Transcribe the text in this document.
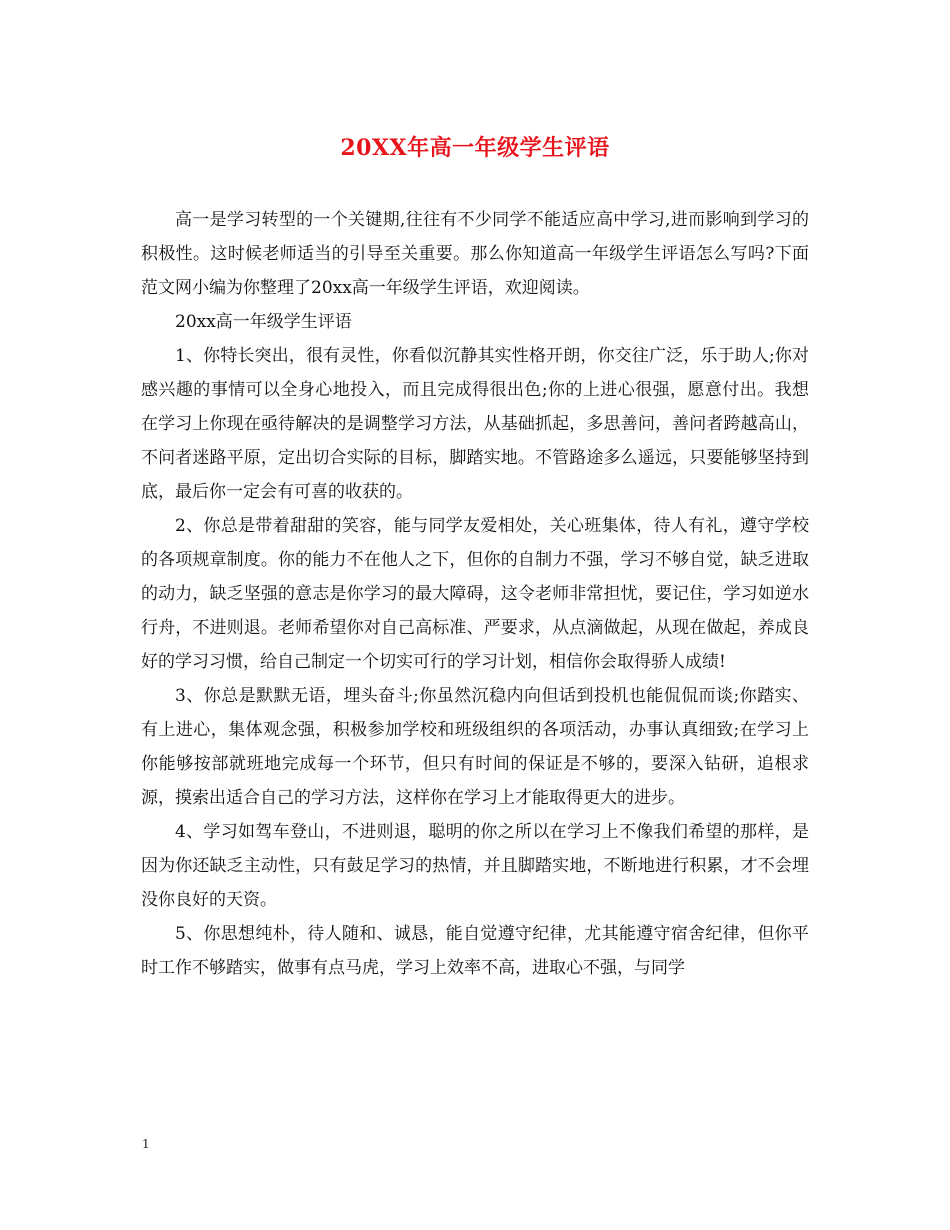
20XX年高一年级学生评语

高一是学习转型的一个关键期,往往有不少同学不能适应高中学习,进而影响到学习的积极性。这时候老师适当的引导至关重要。那么你知道高一年级学生评语怎么写吗?下面范文网小编为你整理了20xx高一年级学生评语，欢迎阅读。

20xx高一年级学生评语

1、你特长突出，很有灵性，你看似沉静其实性格开朗，你交往广泛，乐于助人;你对感兴趣的事情可以全身心地投入，而且完成得很出色;你的上进心很强，愿意付出。我想在学习上你现在亟待解决的是调整学习方法，从基础抓起，多思善问，善问者跨越高山，不问者迷路平原，定出切合实际的目标，脚踏实地。不管路途多么遥远，只要能够坚持到底，最后你一定会有可喜的收获的。

2、你总是带着甜甜的笑容，能与同学友爱相处，关心班集体，待人有礼，遵守学校的各项规章制度。你的能力不在他人之下，但你的自制力不强，学习不够自觉，缺乏进取的动力，缺乏坚强的意志是你学习的最大障碍，这令老师非常担忧，要记住，学习如逆水行舟，不进则退。老师希望你对自己高标准、严要求，从点滴做起，从现在做起，养成良好的学习习惯，给自己制定一个切实可行的学习计划，相信你会取得骄人成绩!

3、你总是默默无语，埋头奋斗;你虽然沉稳内向但话到投机也能侃侃而谈;你踏实、有上进心，集体观念强，积极参加学校和班级组织的各项活动，办事认真细致;在学习上你能够按部就班地完成每一个环节，但只有时间的保证是不够的，要深入钻研，追根求源，摸索出适合自己的学习方法，这样你在学习上才能取得更大的进步。

4、学习如驾车登山，不进则退，聪明的你之所以在学习上不像我们希望的那样，是因为你还缺乏主动性，只有鼓足学习的热情，并且脚踏实地，不断地进行积累，才不会埋没你良好的天资。

5、你思想纯朴，待人随和、诚恳，能自觉遵守纪律，尤其能遵守宿舍纪律，但你平时工作不够踏实，做事有点马虎，学习上效率不高，进取心不强，与同学

1
